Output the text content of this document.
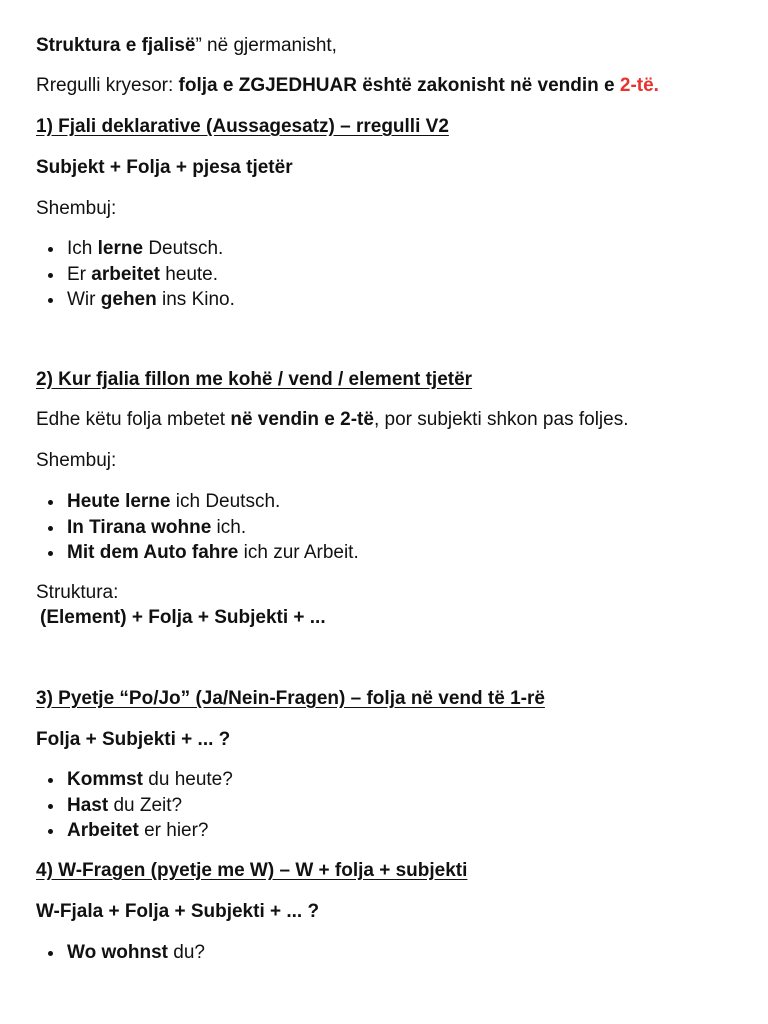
Struktura e fjalisë” në gjermanisht,
Rregulli kryesor: folja e ZGJEDHUAR është zakonisht në vendin e 2-të.
1) Fjali deklarative (Aussagesatz) – rregulli V2
Subjekt + Folja + pjesa tjetër
Shembuj:
Ich lerne Deutsch.
Er arbeitet heute.
Wir gehen ins Kino.
2) Kur fjalia fillon me kohë / vend / element tjetër
Edhe këtu folja mbetet në vendin e 2-të, por subjekti shkon pas foljes.
Shembuj:
Heute lerne ich Deutsch.
In Tirana wohne ich.
Mit dem Auto fahre ich zur Arbeit.
Struktura:
(Element) + Folja + Subjekti + ...
3) Pyetje “Po/Jo” (Ja/Nein-Fragen) – folja në vend të 1-rë
Folja + Subjekti + ... ?
Kommst du heute?
Hast du Zeit?
Arbeitet er hier?
4) W-Fragen (pyetje me W) – W + folja + subjekti
W-Fjala + Folja + Subjekti + ... ?
Wo wohnst du?
